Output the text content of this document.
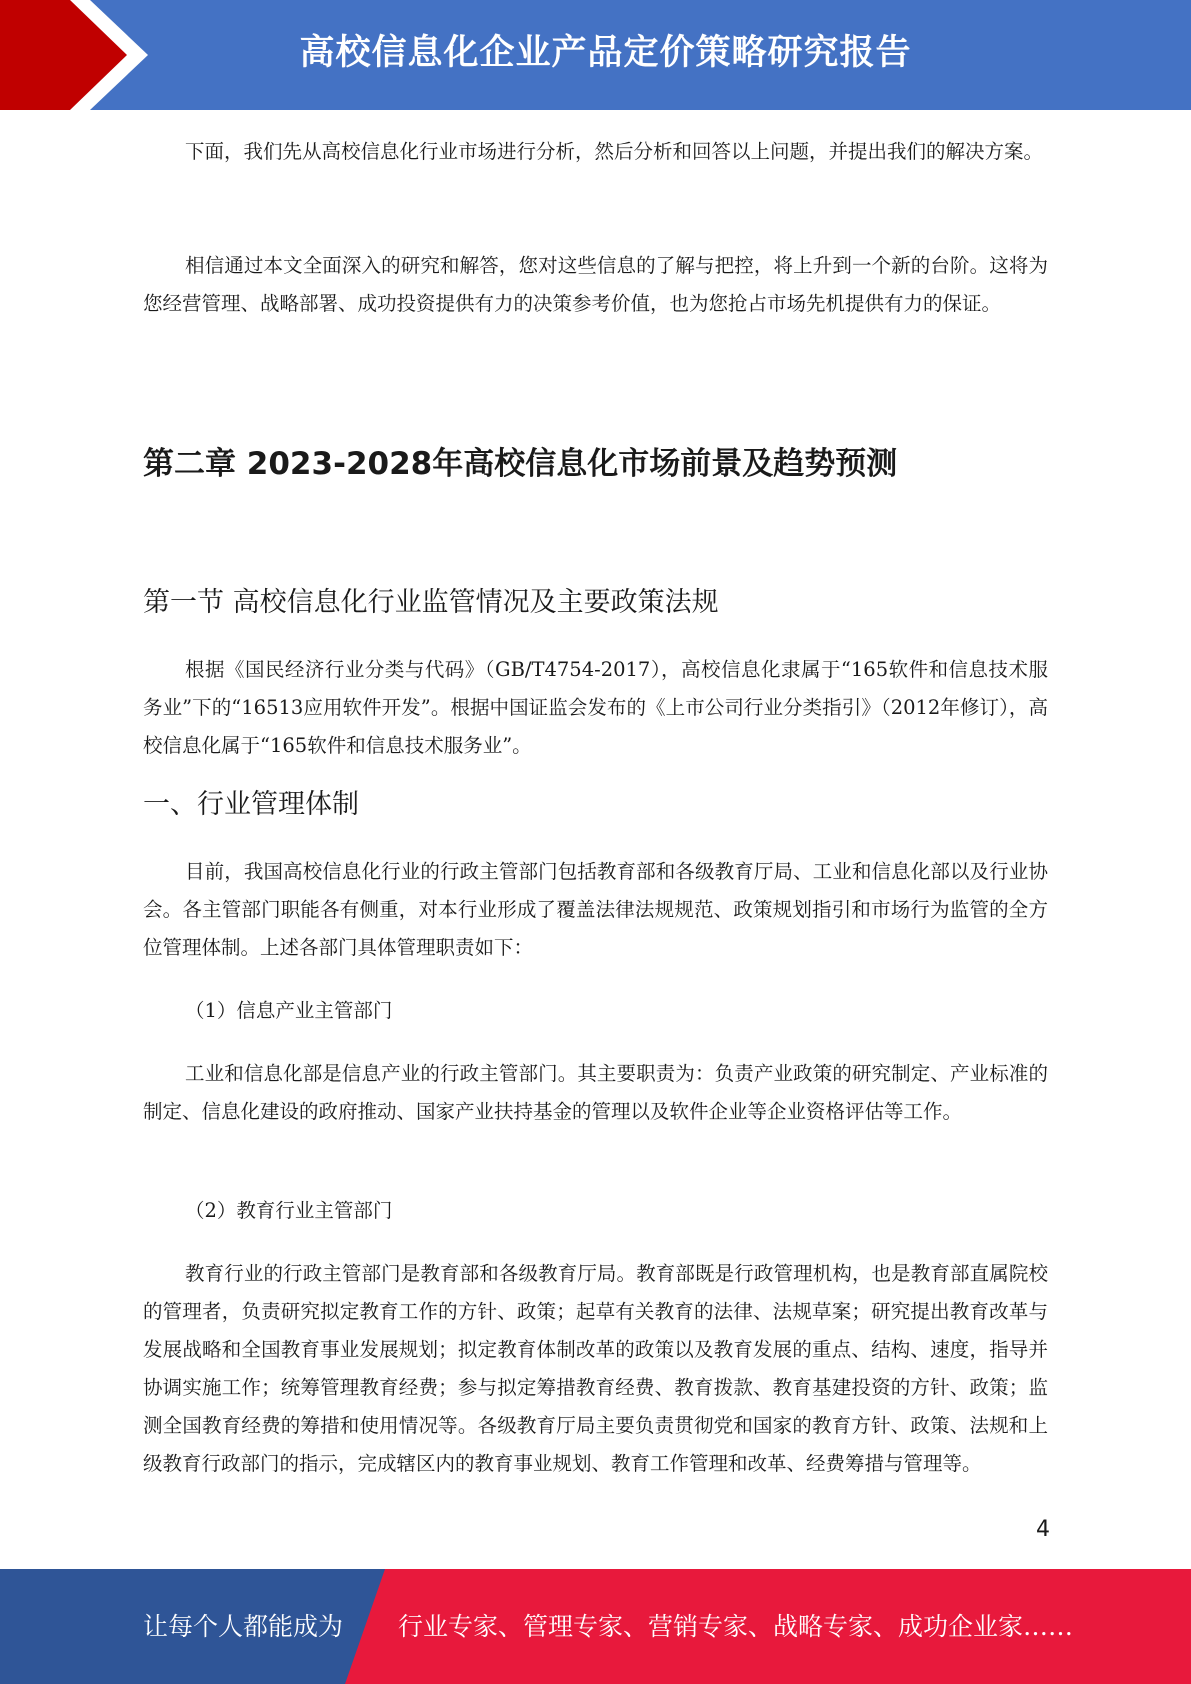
高校信息化企业产品定价策略研究报告

下面，我们先从高校信息化行业市场进行分析，然后分析和回答以上问题，并提出我们的解决方案。

相信通过本文全面深入的研究和解答，您对这些信息的了解与把控，将上升到一个新的台阶。这将为您经营管理、战略部署、成功投资提供有力的决策参考价值，也为您抢占市场先机提供有力的保证。

第二章 2023-2028年高校信息化市场前景及趋势预测
第一节 高校信息化行业监管情况及主要政策法规

根据《国民经济行业分类与代码》（GB/T4754-2017），高校信息化隶属于“165软件和信息技术服务业”下的“16513应用软件开发”。根据中国证监会发布的《上市公司行业分类指引》（2012年修订），高校信息化属于“165软件和信息技术服务业”。

一、行业管理体制

目前，我国高校信息化行业的行政主管部门包括教育部和各级教育厅局、工业和信息化部以及行业协会。各主管部门职能各有侧重，对本行业形成了覆盖法律法规规范、政策规划指引和市场行为监管的全方位管理体制。上述各部门具体管理职责如下：

（1）信息产业主管部门

工业和信息化部是信息产业的行政主管部门。其主要职责为：负责产业政策的研究制定、产业标准的制定、信息化建设的政府推动、国家产业扶持基金的管理以及软件企业等企业资格评估等工作。

（2）教育行业主管部门

教育行业的行政主管部门是教育部和各级教育厅局。教育部既是行政管理机构，也是教育部直属院校的管理者，负责研究拟定教育工作的方针、政策；起草有关教育的法律、法规草案；研究提出教育改革与发展战略和全国教育事业发展规划；拟定教育体制改革的政策以及教育发展的重点、结构、速度，指导并协调实施工作；统筹管理教育经费；参与拟定筹措教育经费、教育拨款、教育基建投资的方针、政策；监测全国教育经费的筹措和使用情况等。各级教育厅局主要负责贯彻党和国家的教育方针、政策、法规和上级教育行政部门的指示，完成辖区内的教育事业规划、教育工作管理和改革、经费筹措与管理等。

4
让每个人都能成为 行业专家、管理专家、营销专家、战略专家、成功企业家……
